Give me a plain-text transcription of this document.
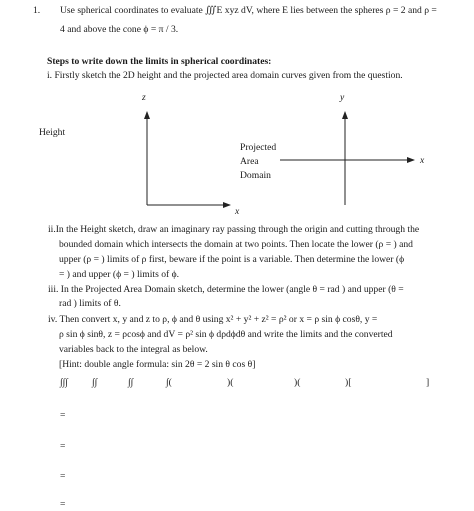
1. Use spherical coordinates to evaluate ∭E xyz dV, where E lies between the spheres ρ = 2 and ρ =
4 and above the cone ϕ = π / 3.
Steps to write down the limits in spherical coordinates:
i. Firstly sketch the 2D height and the projected area domain curves given from the question.
z
Height
x
y
x
Projected
Area
Domain
ii.In the Height sketch, draw an imaginary ray passing through the origin and cutting through the
bounded domain which intersects the domain at two points. Then locate the lower (ρ = ) and
upper (ρ = ) limits of ρ first, beware if the point is a variable. Then determine the lower (ϕ
= ) and upper (ϕ = ) limits of ϕ.
iii. In the Projected Area Domain sketch, determine the lower (angle θ = rad ) and upper (θ =
rad ) limits of θ.
iv. Then convert x, y and z to ρ, ϕ and θ using x² + y² + z² = ρ² or x = ρ sin ϕ cosθ, y =
ρ sin ϕ sinθ, z = ρcosϕ and dV = ρ² sin ϕ dρdϕdθ and write the limits and the converted
variables back to the integral as below.
[Hint: double angle formula: sin 2θ = 2 sin θ cos θ]
∫∫∫	∫∫	∫∫	∫(	)(	)(	)[	]
=
=
=
=
